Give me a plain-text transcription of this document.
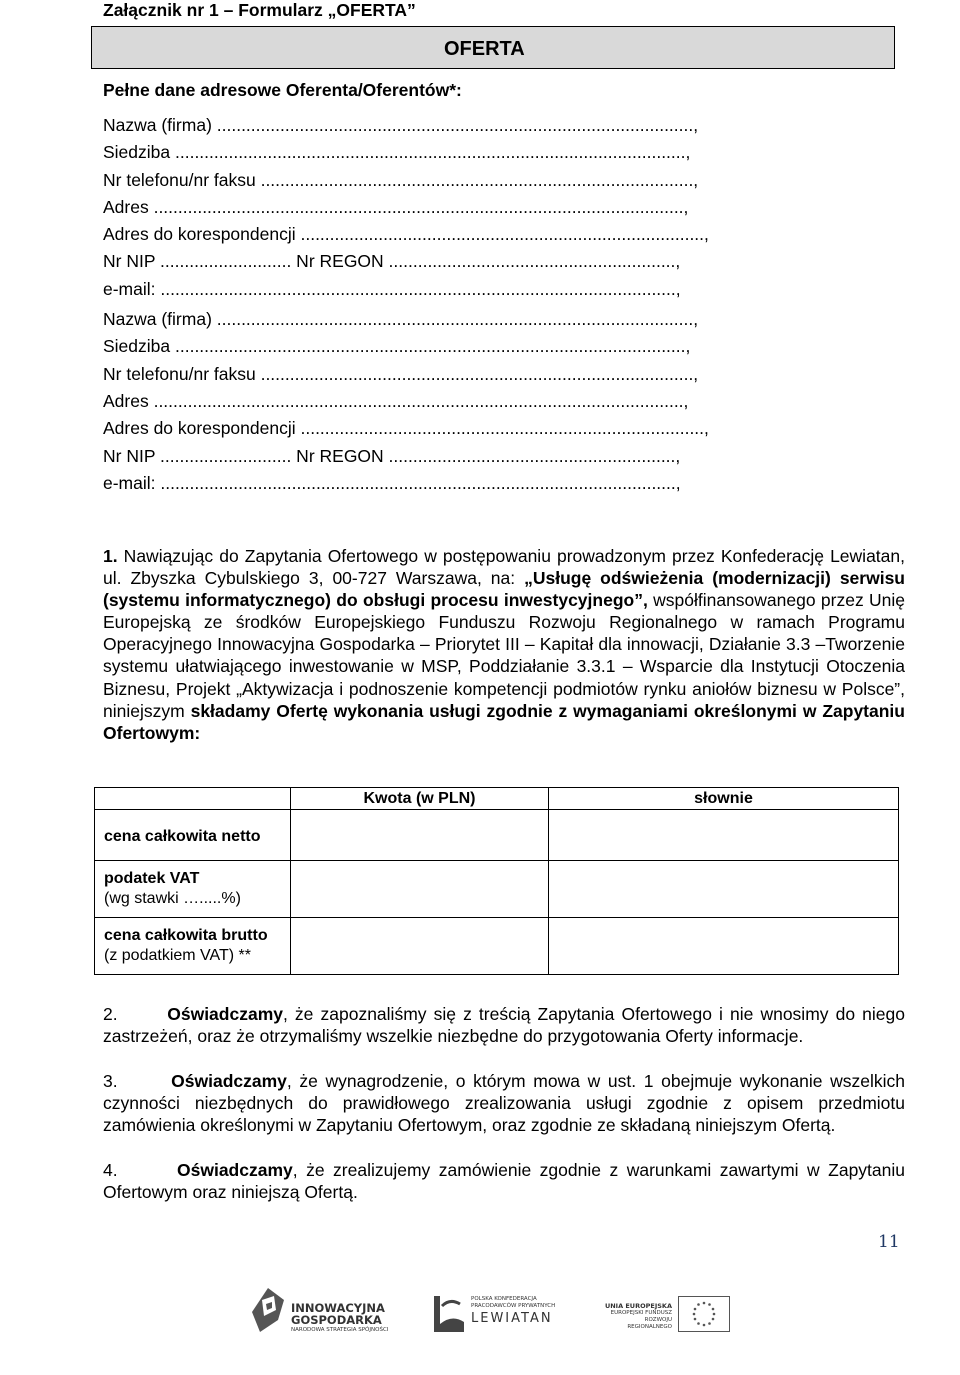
Załącznik nr 1 – Formularz „OFERTA”
OFERTA
Pełne dane adresowe Oferenta/Oferentów*:
Nazwa (firma) ..................................................................................................,
Siedziba .........................................................................................................,
Nr telefonu/nr faksu .........................................................................................,
Adres .............................................................................................................,
Adres do korespondencji ...................................................................................,
Nr NIP ........................... Nr REGON ...........................................................,
e-mail: ..........................................................................................................,
Nazwa (firma) ..................................................................................................,
Siedziba .........................................................................................................,
Nr telefonu/nr faksu .........................................................................................,
Adres .............................................................................................................,
Adres do korespondencji ...................................................................................,
Nr NIP ........................... Nr REGON ...........................................................,
e-mail: ..........................................................................................................,
1. Nawiązując do Zapytania Ofertowego w postępowaniu prowadzonym przez Konfederację Lewiatan, ul. Zbyszka Cybulskiego 3, 00-727 Warszawa, na: „Usługę odświeżenia (modernizacji) serwisu (systemu informatycznego) do obsługi procesu inwestycyjnego”, współfinansowanego przez Unię Europejską ze środków Europejskiego Funduszu Rozwoju Regionalnego w ramach Programu Operacyjnego Innowacyjna Gospodarka – Priorytet III – Kapitał dla innowacji, Działanie 3.3 –Tworzenie systemu ułatwiającego inwestowanie w MSP, Poddziałanie 3.3.1 – Wsparcie dla Instytucji Otoczenia Biznesu, Projekt „Aktywizacja i podnoszenie kompetencji podmiotów rynku aniołów biznesu w Polsce”, niniejszym składamy Ofertę wykonania usługi zgodnie z wymaganiami określonymi w Zapytaniu Ofertowym:
	Kwota (w PLN)	słownie
cena całkowita netto		
podatek VAT
(wg stawki ….....%)		
cena całkowita brutto
(z podatkiem VAT) **		
2.	Oświadczamy, że zapoznaliśmy się z treścią Zapytania Ofertowego i nie wnosimy do niego zastrzeżeń, oraz że otrzymaliśmy wszelkie niezbędne do przygotowania Oferty informacje.
3.	Oświadczamy, że wynagrodzenie, o którym mowa w ust. 1 obejmuje wykonanie wszelkich czynności niezbędnych do prawidłowego zrealizowania usługi zgodnie z opisem przedmiotu zamówienia określonymi w Zapytaniu Ofertowym, oraz zgodnie ze składaną niniejszym Ofertą.
4.	Oświadczamy, że zrealizujemy zamówienie zgodnie z warunkami zawartymi w Zapytaniu Ofertowym oraz niniejszą Ofertą.
11
INNOWACYJNA
GOSPODARKA
NARODOWA STRATEGIA SPÓJNOŚCI
POLSKA KONFEDERACJA
PRACODAWCÓW PRYWATNYCH
LEWIATAN
UNIA EUROPEJSKA
EUROPEJSKI FUNDUSZ
ROZWOJU REGIONALNEGO
